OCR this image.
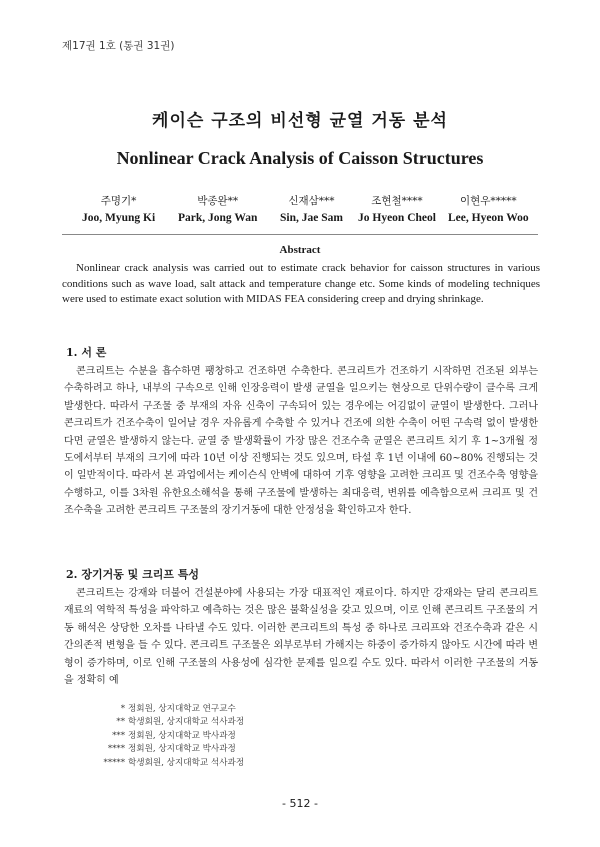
제17권 1호 (통권 31권)
케이슨 구조의 비선형 균열 거동 분석
Nonlinear Crack Analysis of Caisson Structures
주명기*
Joo, Myung Ki
박종완**
Park, Jong Wan
신재삼***
Sin, Jae Sam
조현철****
Jo Hyeon Cheol
이현우*****
Lee, Hyeon Woo
Abstract
Nonlinear crack analysis was carried out to estimate crack behavior for caisson structures in various conditions such as wave load, salt attack and temperature change etc. Some kinds of modeling techniques were used to estimate exact solution with MIDAS FEA considering creep and drying shrinkage.
1. 서 론
콘크리트는 수분을 흡수하면 팽창하고 건조하면 수축한다. 콘크리트가 건조하기 시작하면 건조된 외부는 수축하려고 하나, 내부의 구속으로 인해 인장응력이 발생 균열을 일으키는 현상으로 단위수량이 클수록 크게 발생한다. 따라서 구조물 중 부재의 자유 신축이 구속되어 있는 경우에는 어김없이 균열이 발생한다. 그러나 콘크리트가 건조수축이 일어날 경우 자유롭게 수축할 수 있거나 건조에 의한 수축이 어떤 구속력 없이 발생한다면 균열은 발생하지 않는다. 균열 중 발생확률이 가장 많은 건조수축 균열은 콘크리트 치기 후 1~3개월 정도에서부터 부재의 크기에 따라 10년 이상 진행되는 것도 있으며, 타설 후 1년 이내에 60~80% 진행되는 것이 일반적이다. 따라서 본 과업에서는 케이슨식 안벽에 대하여 기후 영향을 고려한 크리프 및 건조수축 영향을 수행하고, 이를 3차원 유한요소해석을 통해 구조물에 발생하는 최대응력, 변위를 예측함으로써 크리프 및 건조수축을 고려한 콘크리트 구조물의 장기거동에 대한 안정성을 확인하고자 한다.
2. 장기거동 및 크리프 특성
콘크리트는 강재와 더불어 건설분야에 사용되는 가장 대표적인 재료이다. 하지만 강재와는 달리 콘크리트 재료의 역학적 특성을 파악하고 예측하는 것은 많은 불확실성을 갖고 있으며, 이로 인해 콘크리트 구조물의 거동 해석은 상당한 오차를 나타낼 수도 있다. 이러한 콘크리트의 특성 중 하나로 크리프와 건조수축과 같은 시간의존적 변형을 들 수 있다. 콘크리트 구조물은 외부로부터 가해지는 하중이 증가하지 않아도 시간에 따라 변형이 증가하며, 이로 인해 구조물의 사용성에 심각한 문제를 일으킬 수도 있다. 따라서 이러한 구조물의 거동을 정확히 예
* 정회원, 상지대학교 연구교수
** 학생회원, 상지대학교 석사과정
*** 정회원, 상지대학교 박사과정
**** 정회원, 상지대학교 박사과정
***** 학생회원, 상지대학교 석사과정
- 512 -
